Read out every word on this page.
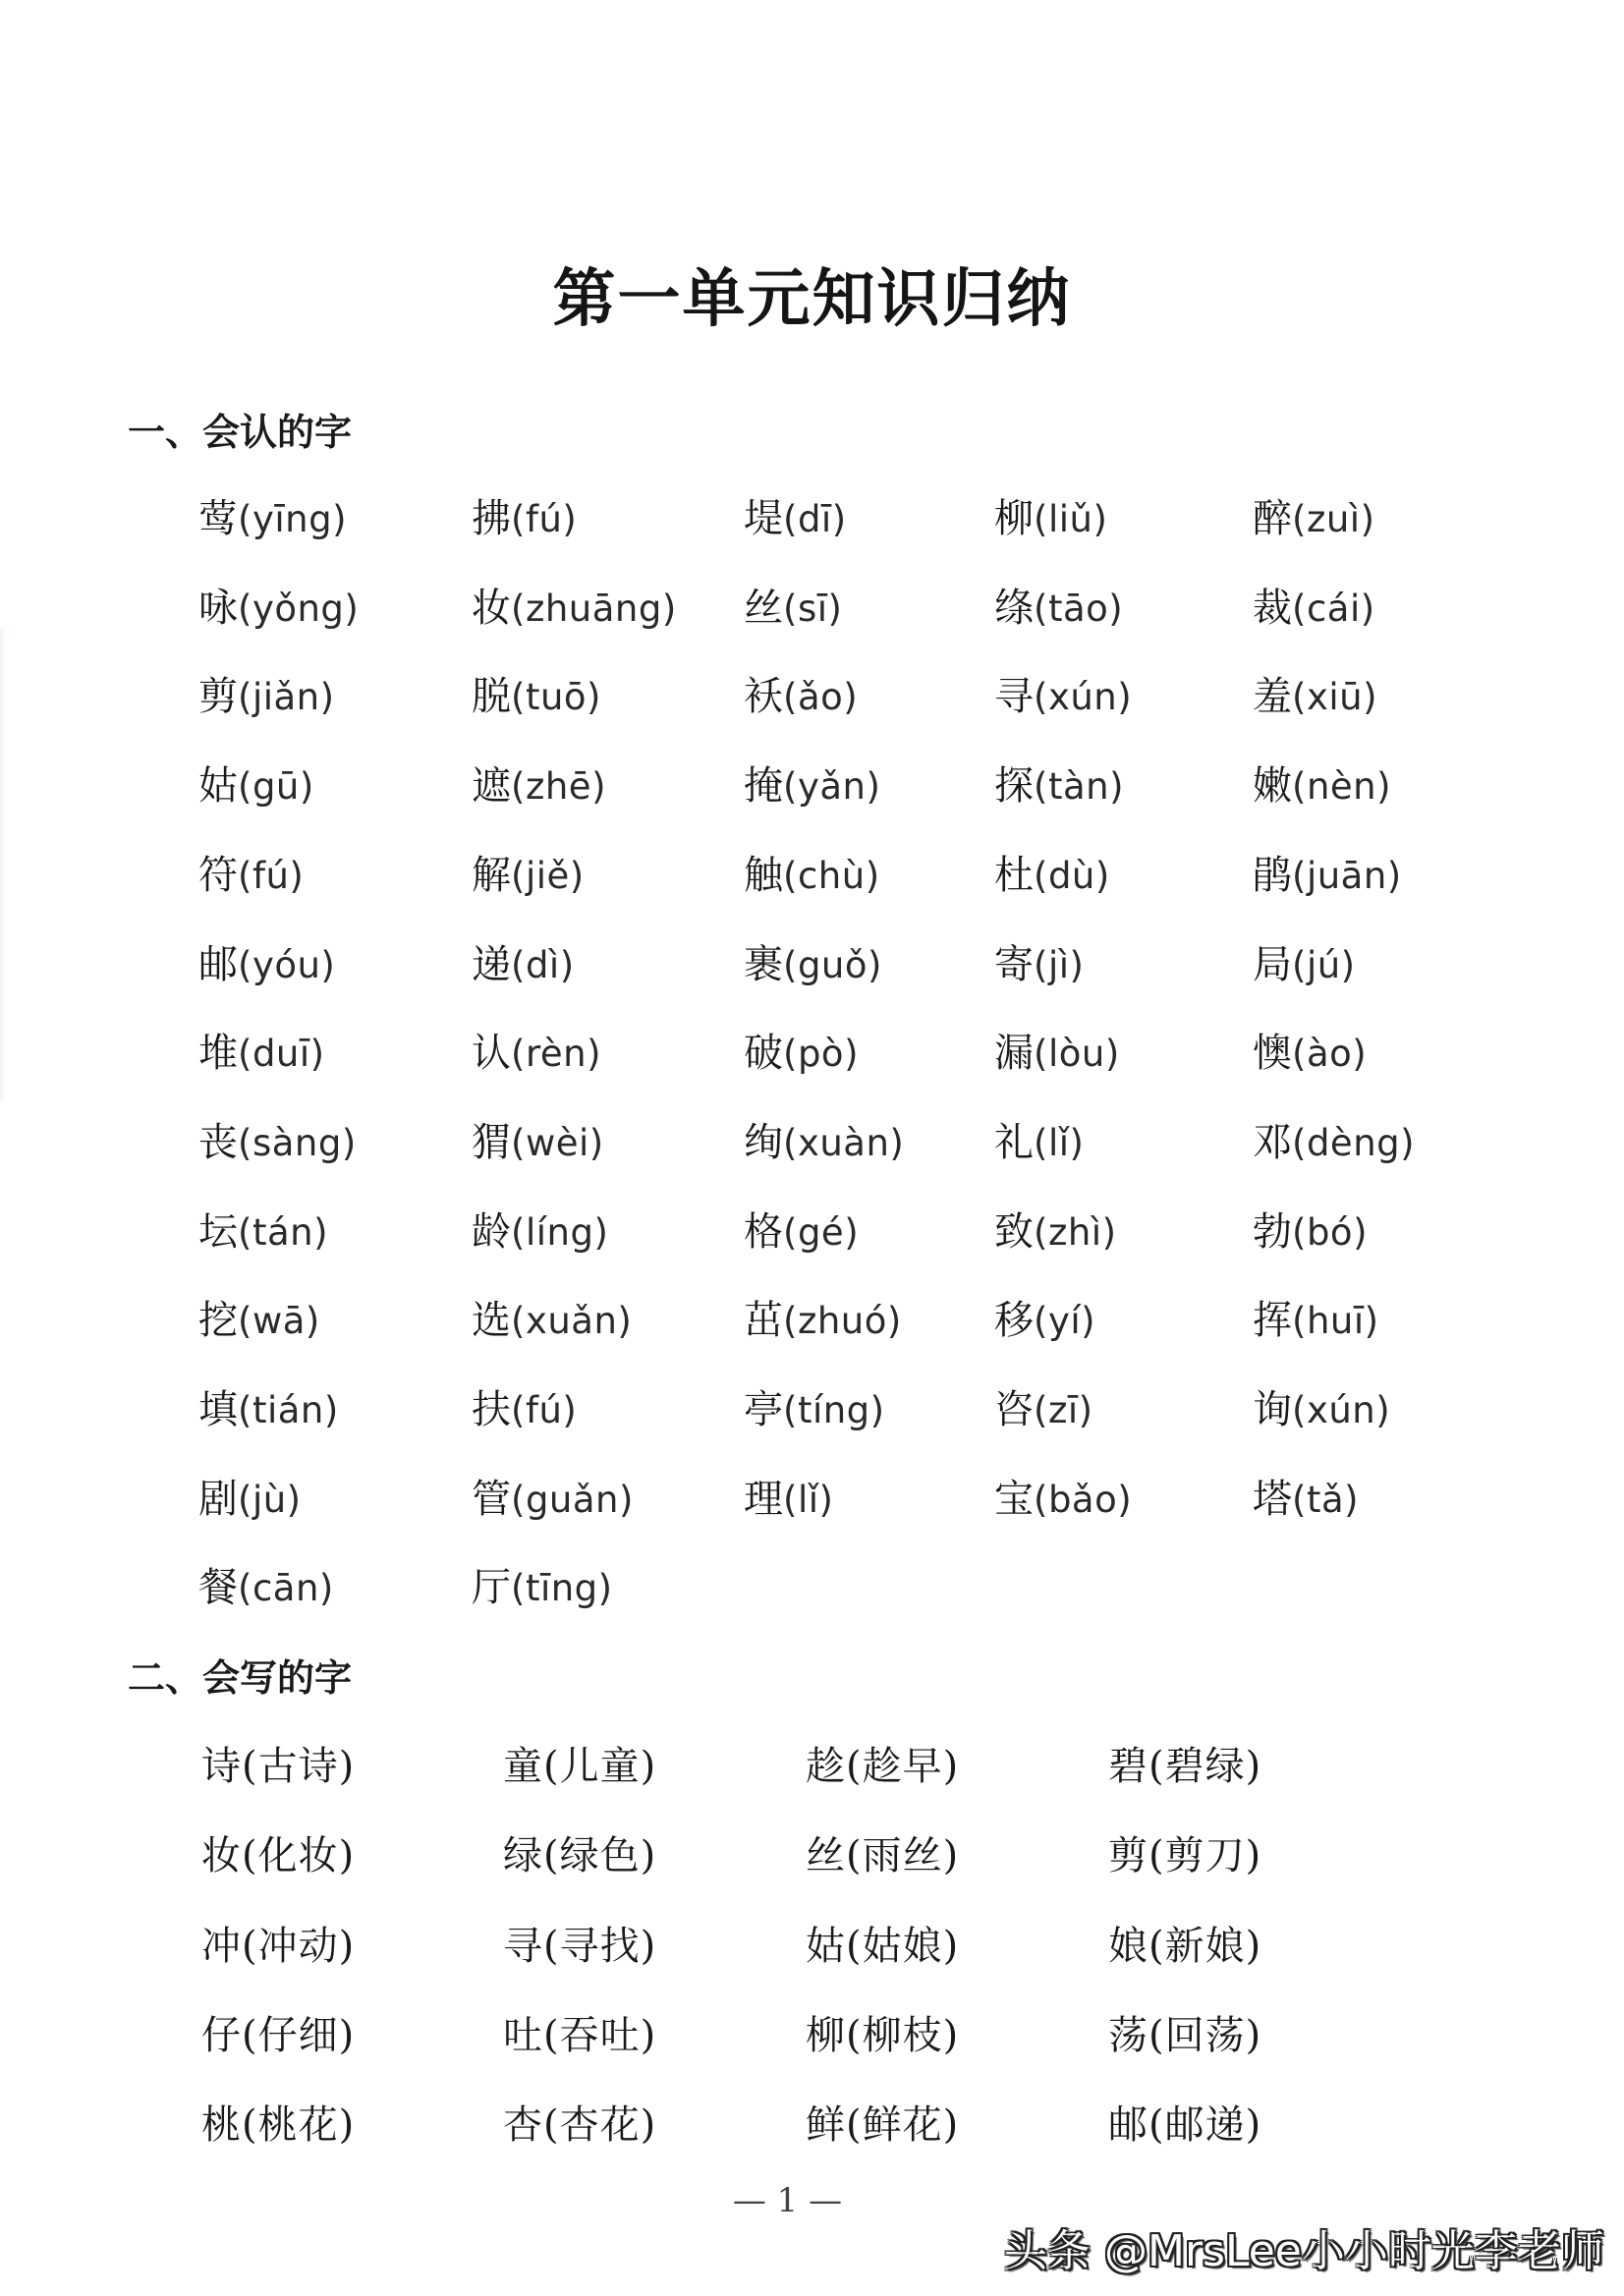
第一单元知识归纳
一、会认的字
莺(yīng)	拂(fú)	堤(dī)	柳(liǔ)	醉(zuì)
咏(yǒng)	妆(zhuāng) 丝(sī)	绦(tāo)	裁(cái)
剪(jiǎn)	脱(tuō)	袄(ǎo)	寻(xún)	羞(xiū)
姑(gū)	遮(zhē)	掩(yǎn)	探(tàn)	嫩(nèn)
符(fú)	解(jiě)	触(chù)	杜(dù)	鹃(juān)
邮(yóu)	递(dì)	裹(guǒ)	寄(jì)	局(jú)
堆(duī)	认(rèn)	破(pò)	漏(lòu)	懊(ào)
丧(sàng)	猬(wèi)	绚(xuàn) 礼(lǐ)	邓(dèng)
坛(tán)	龄(líng)	格(gé)	致(zhì)	勃(bó)
挖(wā)	选(xuǎn)	茁(zhuó) 移(yí)	挥(huī)
填(tián)	扶(fú)	亭(tíng)	咨(zī)	询(xún)
剧(jù)	管(guǎn)	理(lǐ)	宝(bǎo)	塔(tǎ)
餐(cān)	厅(tīng)
二、会写的字
诗(古诗)	童(儿童)	趁(趁早)	碧(碧绿)
妆(化妆)	绿(绿色)	丝(雨丝)	剪(剪刀)
冲(冲动)	寻(寻找)	姑(姑娘)	娘(新娘)
仔(仔细)	吐(吞吐)	柳(柳枝)	荡(回荡)
桃(桃花)	杏(杏花)	鲜(鲜花)	邮(邮递)
— 1 —
头条 @MrsLee小小时光李老师
